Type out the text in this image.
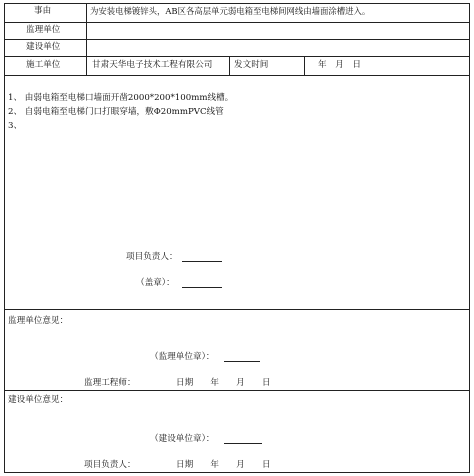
事由	为安装电梯镀锌头，AB区各高层单元弱电箱至电梯间网线由墙面涂槽进入。
监理单位
建设单位
施工单位	甘肃天华电子技术工程有限公司	发文时间	年　月　日
1、 由弱电箱至电梯口墙面开凿2000*200*100mm线槽。
2、 自弱电箱至电梯门口打眼穿墙，敷Φ20mmPVC线管
3、
项目负责人：
（盖章）：
监理单位意见：
（监理单位章）：
监理工程师：	日期　　年　　月　　日
建设单位意见：
（建设单位章）：
项目负责人：	日期　　年　　月　　日
